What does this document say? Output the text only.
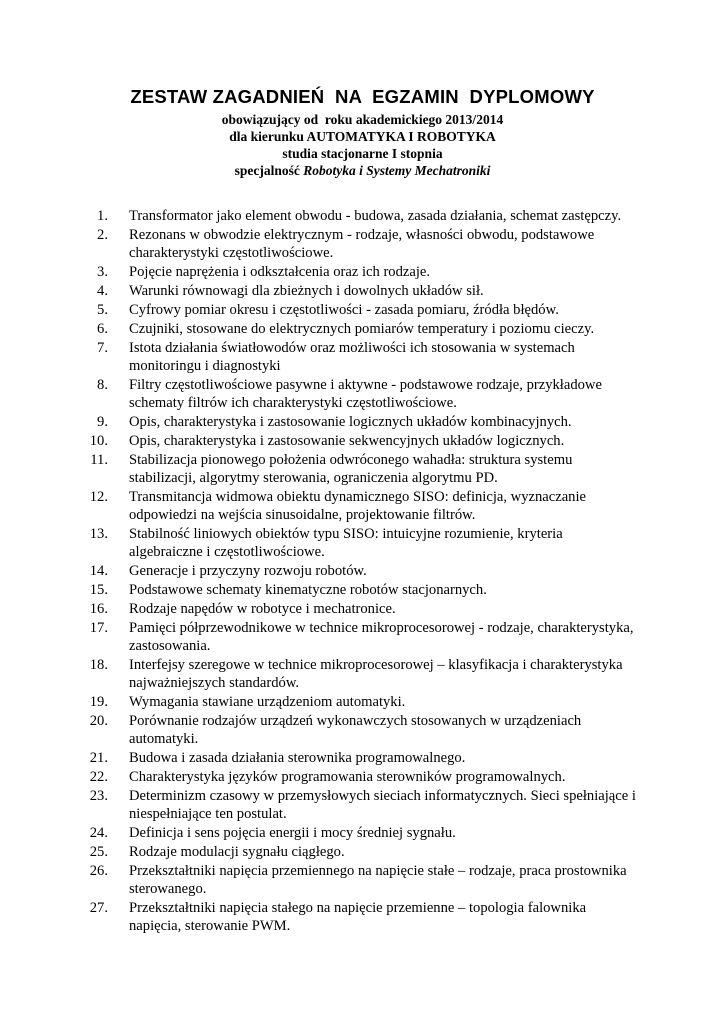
ZESTAW ZAGADNIEŃ  NA  EGZAMIN  DYPLOMOWY

obowiązujący od  roku akademickiego 2013/2014

dla kierunku AUTOMATYKA I ROBOTYKA

studia stacjonarne I stopnia

specjalność Robotyka i Systemy Mechatroniki

1. Transformator jako element obwodu - budowa, zasada działania, schemat zastępczy.
2. Rezonans w obwodzie elektrycznym - rodzaje, własności obwodu, podstawowe charakterystyki częstotliwościowe.
3. Pojęcie naprężenia i odkształcenia oraz ich rodzaje.
4. Warunki równowagi dla zbieżnych i dowolnych układów sił.
5. Cyfrowy pomiar okresu i częstotliwości - zasada pomiaru, źródła błędów.
6. Czujniki, stosowane do elektrycznych pomiarów temperatury i poziomu cieczy.
7. Istota działania światłowodów oraz możliwości ich stosowania w systemach monitoringu i diagnostyki
8. Filtry częstotliwościowe pasywne i aktywne - podstawowe rodzaje, przykładowe schematy filtrów ich charakterystyki częstotliwościowe.
9. Opis, charakterystyka i zastosowanie logicznych układów kombinacyjnych.
10. Opis, charakterystyka i zastosowanie sekwencyjnych układów logicznych.
11. Stabilizacja pionowego położenia odwróconego wahadła: struktura systemu stabilizacji, algorytmy sterowania, ograniczenia algorytmu PD.
12. Transmitancja widmowa obiektu dynamicznego SISO: definicja, wyznaczanie odpowiedzi na wejścia sinusoidalne, projektowanie filtrów.
13. Stabilność liniowych obiektów typu SISO: intuicyjne rozumienie, kryteria algebraiczne i częstotliwościowe.
14. Generacje i przyczyny rozwoju robotów.
15. Podstawowe schematy kinematyczne robotów stacjonarnych.
16. Rodzaje napędów w robotyce i mechatronice.
17. Pamięci półprzewodnikowe w technice mikroprocesorowej - rodzaje, charakterystyka, zastosowania.
18. Interfejsy szeregowe w technice mikroprocesorowej – klasyfikacja i charakterystyka najważniejszych standardów.
19. Wymagania stawiane urządzeniom automatyki.
20. Porównanie rodzajów urządzeń wykonawczych stosowanych w urządzeniach automatyki.
21. Budowa i zasada działania sterownika programowalnego.
22. Charakterystyka języków programowania sterowników programowalnych.
23. Determinizm czasowy w przemysłowych sieciach informatycznych. Sieci spełniające i niespełniające ten postulat.
24. Definicja i sens pojęcia energii i mocy średniej sygnału.
25. Rodzaje modulacji sygnału ciągłego.
26. Przekształtniki napięcia przemiennego na napięcie stałe – rodzaje, praca prostownika sterowanego.
27. Przekształtniki napięcia stałego na napięcie przemienne – topologia falownika napięcia, sterowanie PWM.
